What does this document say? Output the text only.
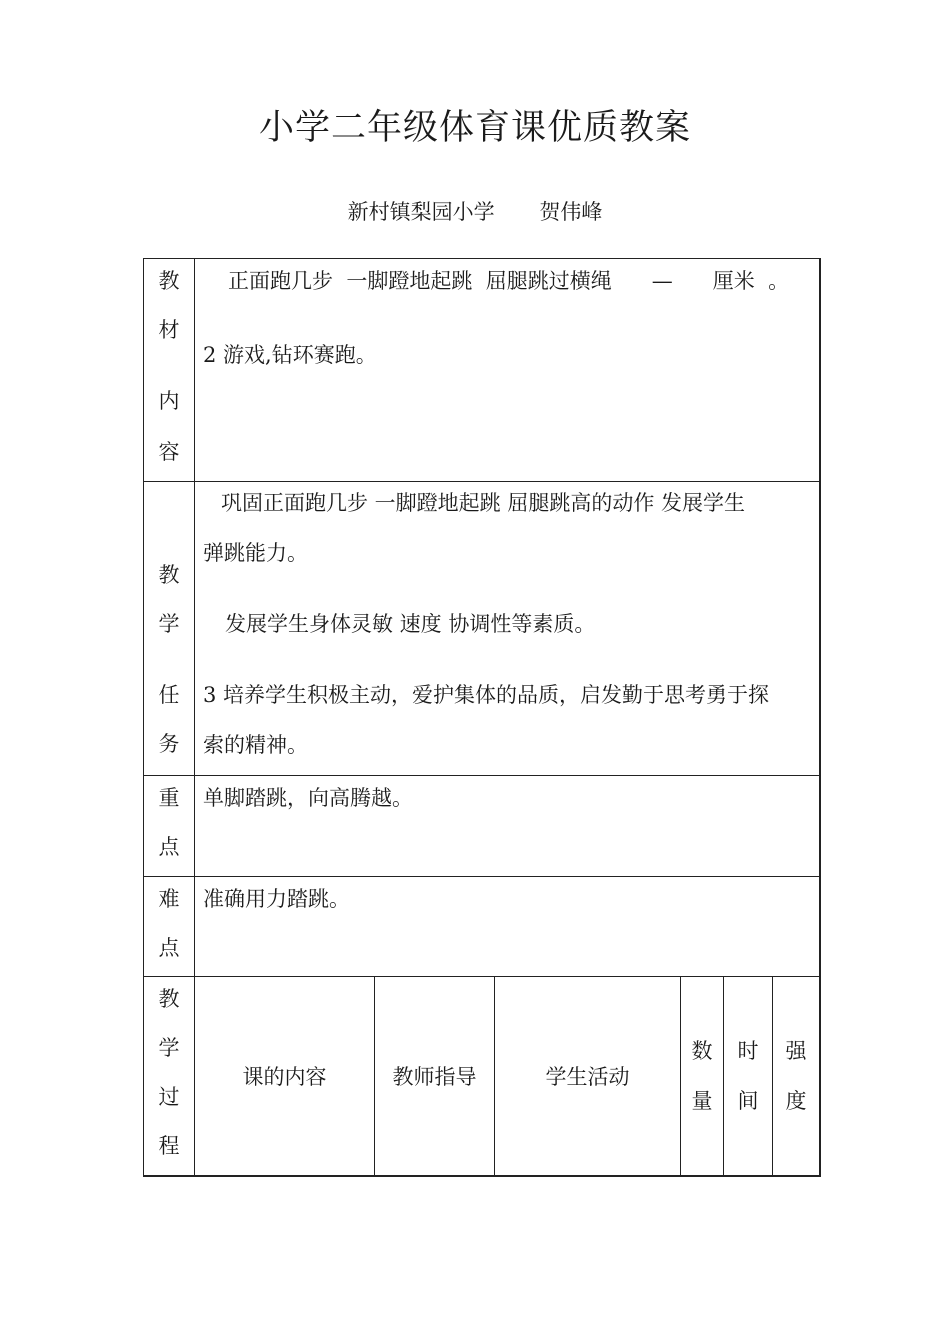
小学二年级体育课优质教案
新村镇梨园小学 贺伟峰
教
材
内
容

正面跑几步  一脚蹬地起跳  屈腿跳过横绳      —      厘米  。

2 游戏,钻环赛跑。

教
学
任
务

巩固正面跑几步 一脚蹬地起跳 屈腿跳高的动作 发展学生

弹跳能力。

发展学生身体灵敏 速度 协调性等素质。

3 培养学生积极主动，爱护集体的品质，启发勤于思考勇于探

索的精神。

重
点
单脚踏跳，向高腾越。
难
点
准确用力踏跳。
教
学
过
程
课的内容	教师指导	学生活动
数
量
时
间
强
度
